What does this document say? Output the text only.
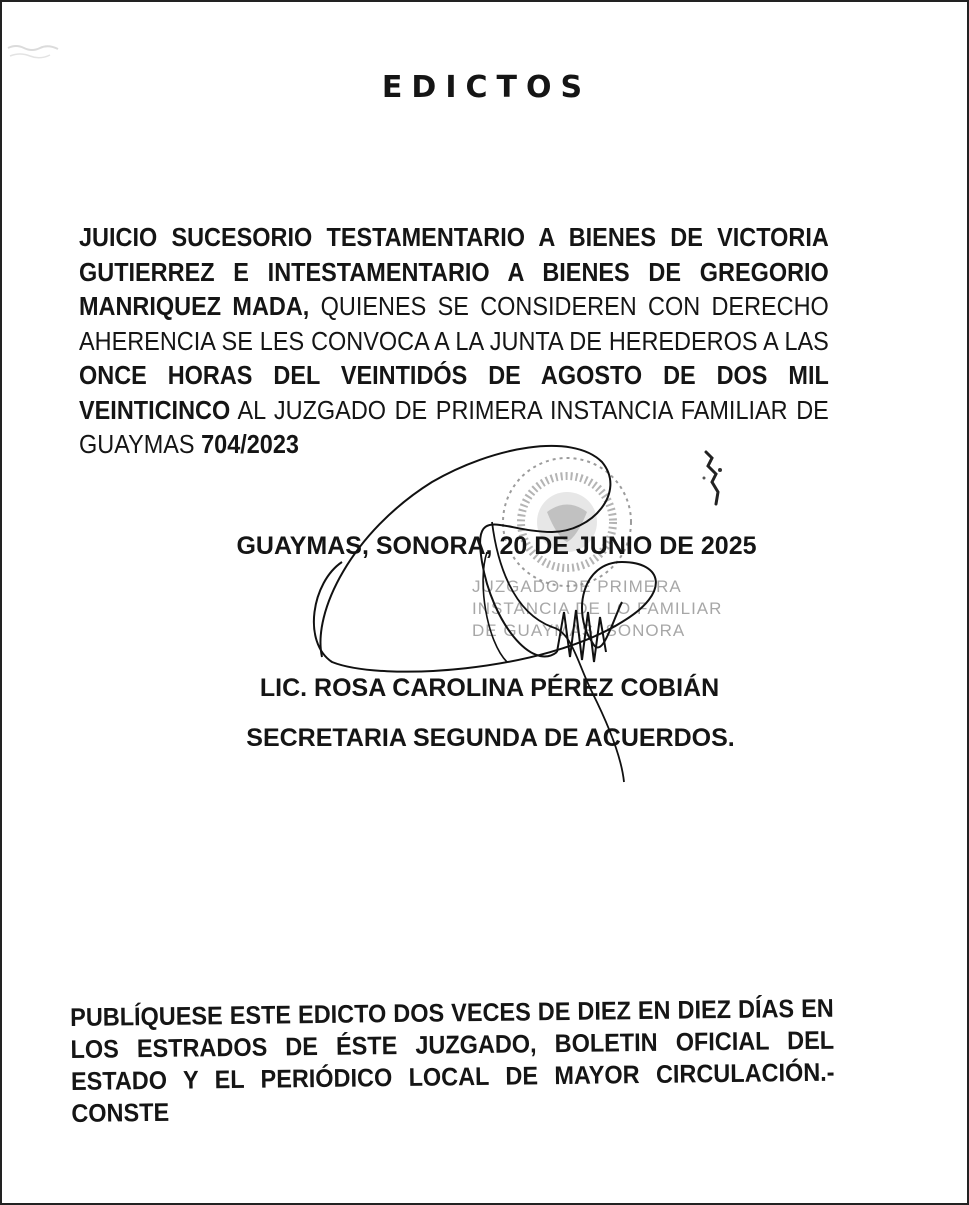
EDICTOS
JUICIO SUCESORIO TESTAMENTARIO A BIENES DE VICTORIA GUTIERREZ E INTESTAMENTARIO A BIENES DE GREGORIO MANRIQUEZ MADA, QUIENES SE CONSIDEREN CON DERECHO AHERENCIA SE LES CONVOCA A LA JUNTA DE HEREDEROS A LAS ONCE HORAS DEL VEINTIDÓS DE AGOSTO DE DOS MIL VEINTICINCO AL JUZGADO DE PRIMERA INSTANCIA FAMILIAR DE GUAYMAS 704/2023
JUZGADO DE PRIMERA
INSTANCIA DE LO FAMILIAR
DE GUAYMAS, SONORA
GUAYMAS, SONORA, 20 DE JUNIO DE 2025
LIC. ROSA CAROLINA PÉREZ COBIÁN
SECRETARIA SEGUNDA DE ACUERDOS.
PUBLÍQUESE ESTE EDICTO DOS VECES DE DIEZ EN DIEZ DÍAS EN LOS ESTRADOS DE ÉSTE JUZGADO, BOLETIN OFICIAL DEL ESTADO Y EL PERIÓDICO LOCAL DE MAYOR CIRCULACIÓN.- CONSTE
